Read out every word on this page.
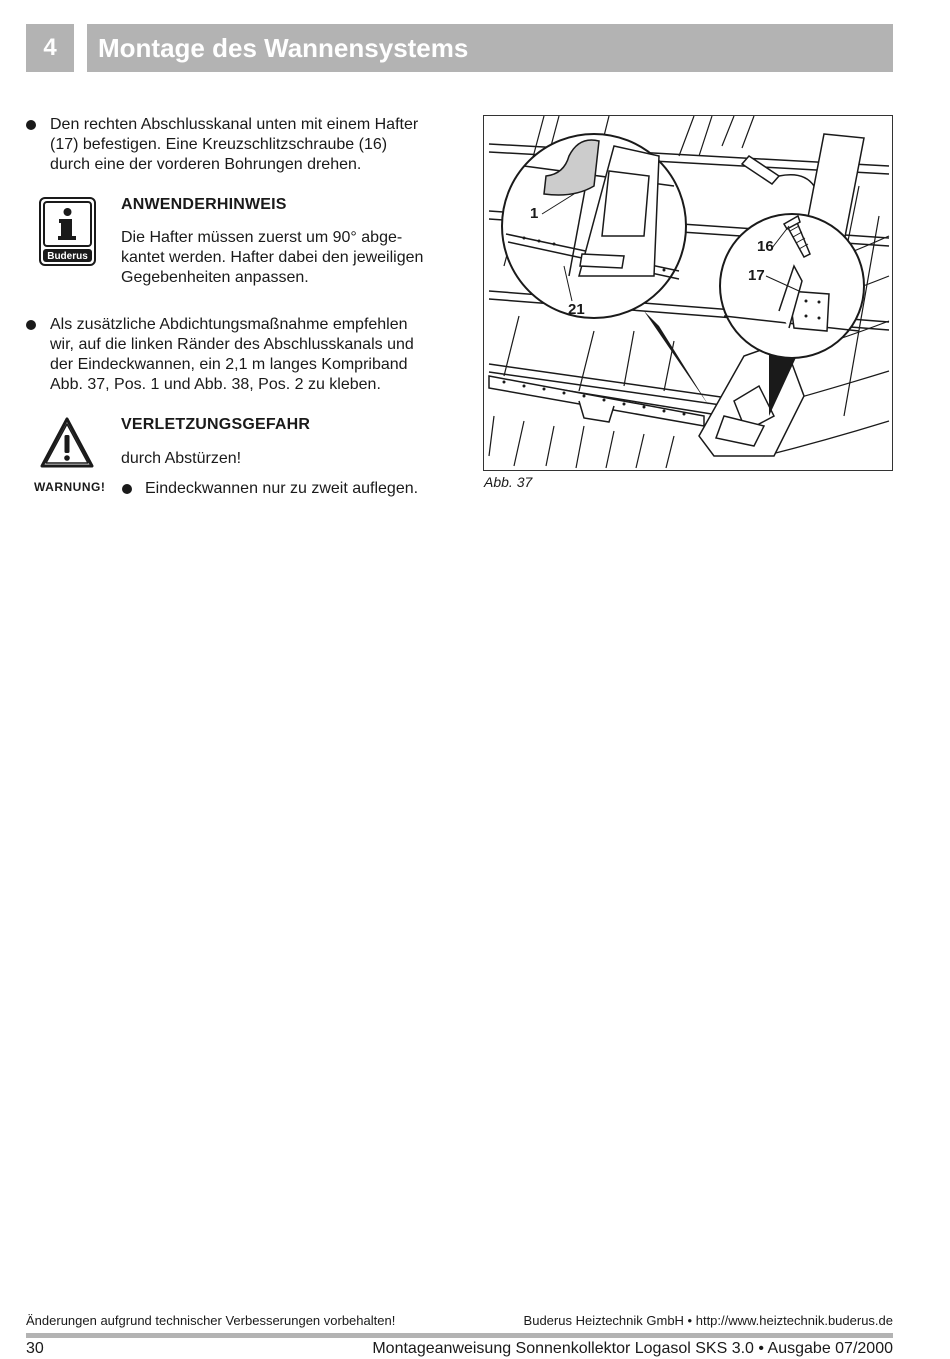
4	Montage des Wannensystems
Den rechten Abschlusskanal unten mit einem Hafter
(17) befestigen. Eine Kreuzschlitzschraube (16)
durch eine der vorderen Bohrungen drehen.
Buderus
ANWENDERHINWEIS
Die Hafter müssen zuerst um 90° abge-
kantet werden. Hafter dabei den jeweiligen
Gegebenheiten anpassen.
Als zusätzliche Abdichtungsmaßnahme empfehlen
wir, auf die linken Ränder des Abschlusskanals und
der Eindeckwannen, ein 2,1 m langes Kompriband
Abb. 37, Pos. 1 und Abb. 38, Pos. 2 zu kleben.
WARNUNG!
VERLETZUNGSGEFAHR
durch Abstürzen!
Eindeckwannen nur zu zweit auflegen.
1
21
16
17
Abb. 37
Änderungen aufgrund technischer Verbesserungen vorbehalten!	Buderus Heiztechnik GmbH • http://www.heiztechnik.buderus.de
30	Montageanweisung Sonnenkollektor Logasol SKS 3.0 • Ausgabe 07/2000
